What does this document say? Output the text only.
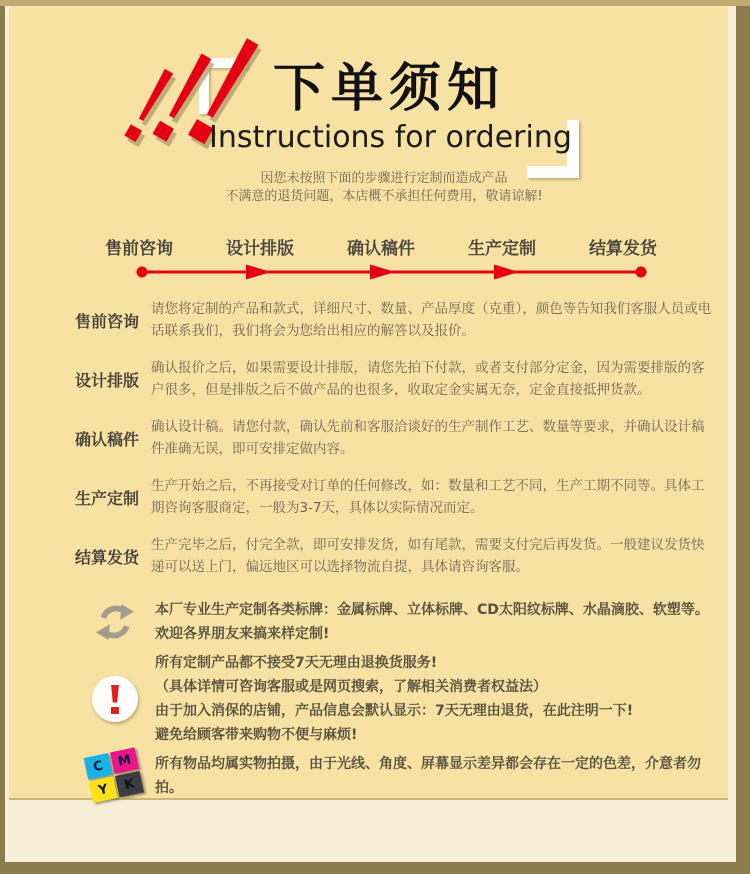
下单须知
Instructions for ordering
因您未按照下面的步骤进行定制而造成产品
不满意的退货问题，本店概不承担任何费用，敬请谅解!
售前咨询	设计排版	确认稿件	生产定制	结算发货
售前咨询
请您将定制的产品和款式，详细尺寸、数量、产品厚度（克重），颜色等告知我们客服人员或电话联系我们，我们将会为您给出相应的解答以及报价。
设计排版
确认报价之后，如果需要设计排版，请您先拍下付款，或者支付部分定金，因为需要排版的客户很多，但是排版之后不做产品的也很多，收取定金实属无奈，定金直接抵押货款。
确认稿件
确认设计稿。请您付款，确认先前和客服洽谈好的生产制作工艺、数量等要求，并确认设计稿件准确无误，即可安排定做内容。
生产定制
生产开始之后，不再接受对订单的任何修改，如：数量和工艺不同，生产工期不同等。具体工期咨询客服商定，一般为3-7天，具体以实际情况而定。
结算发货
生产完毕之后，付完全款，即可安排发货，如有尾款，需要支付完后再发货。一般建议发货快递可以送上门，偏远地区可以选择物流自提，具体请咨询客服。
本厂专业生产定制各类标牌：金属标牌、立体标牌、CD太阳纹标牌、水晶滴胶、软塑等。
欢迎各界朋友来搞来样定制!
所有定制产品都不接受7天无理由退换货服务!
（具体详情可咨询客服或是网页搜索，了解相关消费者权益法）
由于加入消保的店铺，产品信息会默认显示：7天无理由退货，在此注明一下!
避免给顾客带来购物不便与麻烦!
C M
Y	K
所有物品均属实物拍摄，由于光线、角度、屏幕显示差异都会存在一定的色差，介意者勿拍。
